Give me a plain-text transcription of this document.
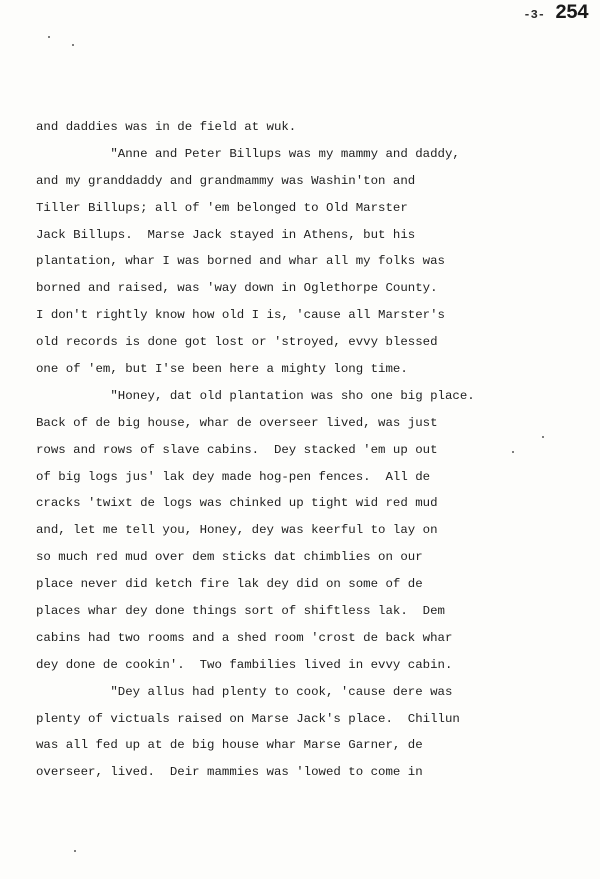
-3- 254
and daddies was in de field at wuk.
"Anne and Peter Billups was my mammy and daddy,
and my granddaddy and grandmammy was Washin'ton and
Tiller Billups; all of 'em belonged to Old Marster
Jack Billups.  Marse Jack stayed in Athens, but his
plantation, whar I was borned and whar all my folks was
borned and raised, was 'way down in Oglethorpe County.
I don't rightly know how old I is, 'cause all Marster's
old records is done got lost or 'stroyed, evvy blessed
one of 'em, but I'se been here a mighty long time.
"Honey, dat old plantation was sho one big place.
Back of de big house, whar de overseer lived, was just
rows and rows of slave cabins.  Dey stacked 'em up out
of big logs jus' lak dey made hog-pen fences.  All de
cracks 'twixt de logs was chinked up tight wid red mud
and, let me tell you, Honey, dey was keerful to lay on
so much red mud over dem sticks dat chimblies on our
place never did ketch fire lak dey did on some of de
places whar dey done things sort of shiftless lak.  Dem
cabins had two rooms and a shed room 'crost de back whar
dey done de cookin'.  Two fambilies lived in evvy cabin.
"Dey allus had plenty to cook, 'cause dere was
plenty of victuals raised on Marse Jack's place.  Chillun
was all fed up at de big house whar Marse Garner, de
overseer, lived.  Deir mammies was 'lowed to come in
